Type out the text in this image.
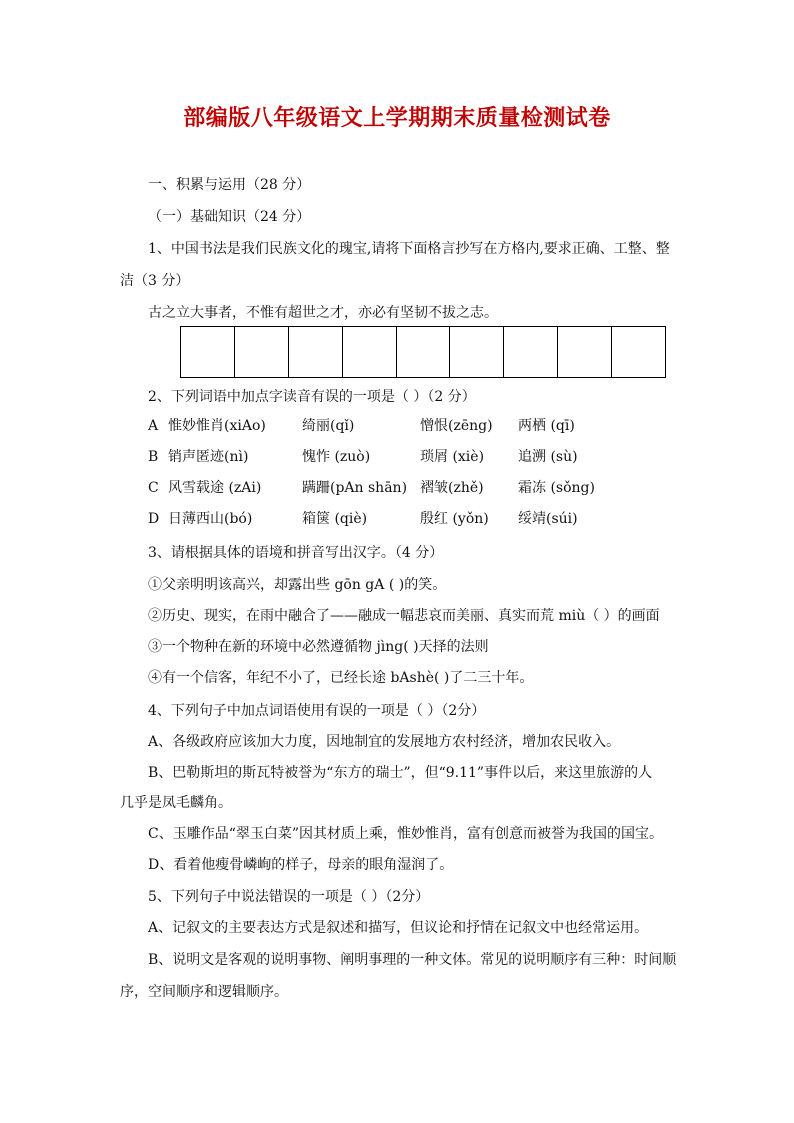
部编版八年级语文上学期期末质量检测试卷
一、积累与运用（28 分）
（一）基础知识（24 分）
1、中国书法是我们民族文化的瑰宝,请将下面格言抄写在方格内,要求正确、工整、整
洁（3 分）
古之立大事者，不惟有超世之才，亦必有坚韧不拔之志。
2、下列词语中加点字读音有误的一项是（ ）（2 分）
A 惟妙惟肖(xiAo)	绮丽(qǐ)	憎恨(zēng) 两栖 (qī)
B 销声匿迹(nì)	愧怍 (zuò)	琐屑 (xiè) 追溯 (sù)
C 风雪载途 (zAi)	蹒跚(pAn shān) 褶皱(zhě) 霜冻 (sǒng)
D 日薄西山(bó)	箱箧 (qiè)	殷红 (yǒn) 绥靖(súi)
3、请根据具体的语境和拼音写出汉字。（4 分）
①父亲明明该高兴，却露出些 gōn gA ( )的笑。
②历史、现实，在雨中融合了——融成一幅悲哀而美丽、真实而荒 miù（ ）的画面
③一个物种在新的环境中必然遵循物 jìng( )天择的法则
④有一个信客，年纪不小了，已经长途 bAshè( )了二三十年。
4、下列句子中加点词语使用有误的一项是（ ）（2分）
A、各级政府应该加大力度，因地制宜的发展地方农村经济，增加农民收入。
B、巴勒斯坦的斯瓦特被誉为“东方的瑞士”，但“9.11”事件以后，来这里旅游的人
几乎是凤毛麟角。
C、玉雕作品“翠玉白菜”因其材质上乘，惟妙惟肖，富有创意而被誉为我国的国宝。
D、看着他瘦骨嶙峋的样子，母亲的眼角湿润了。
5、下列句子中说法错误的一项是（ ）（2分）
A、记叙文的主要表达方式是叙述和描写，但议论和抒情在记叙文中也经常运用。
B、说明文是客观的说明事物、阐明事理的一种文体。常见的说明顺序有三种：时间顺
序，空间顺序和逻辑顺序。
